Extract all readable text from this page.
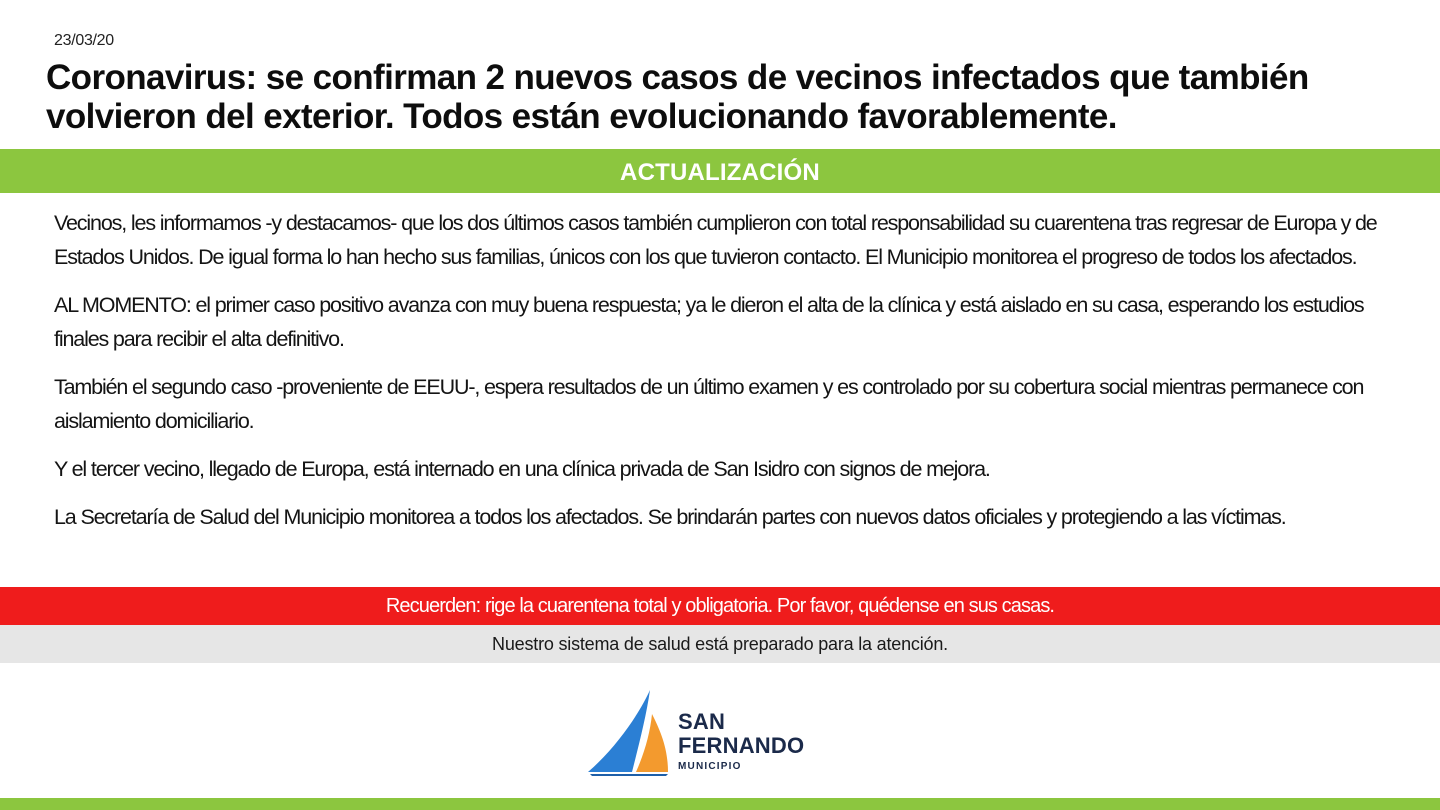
23/03/20
Coronavirus: se confirman 2 nuevos casos de vecinos infectados que también volvieron del exterior. Todos están evolucionando favorablemente.
ACTUALIZACIÓN

Vecinos, les informamos -y destacamos- que los dos últimos casos también cumplieron con total responsabilidad su cuarentena tras regresar de Europa y de Estados Unidos. De igual forma lo han hecho sus familias, únicos con los que tuvieron contacto. El Municipio monitorea el progreso de todos los afectados.

AL MOMENTO: el primer caso positivo avanza con muy buena respuesta; ya le dieron el alta de la clínica y está aislado en su casa, esperando los estudios finales para recibir el alta definitivo.

También el segundo caso -proveniente de EEUU-, espera resultados de un último examen y es controlado por su cobertura social mientras permanece con aislamiento domiciliario.

Y el tercer vecino, llegado de Europa, está internado en una clínica privada de San Isidro con signos de mejora.

La Secretaría de Salud del Municipio monitorea a todos los afectados. Se brindarán partes con nuevos datos oficiales y protegiendo a las víctimas.

Recuerden: rige la cuarentena total y obligatoria. Por favor, quédense en sus casas.
Nuestro sistema de salud está preparado para la atención.
SAN
FERNANDO
MUNICIPIO
